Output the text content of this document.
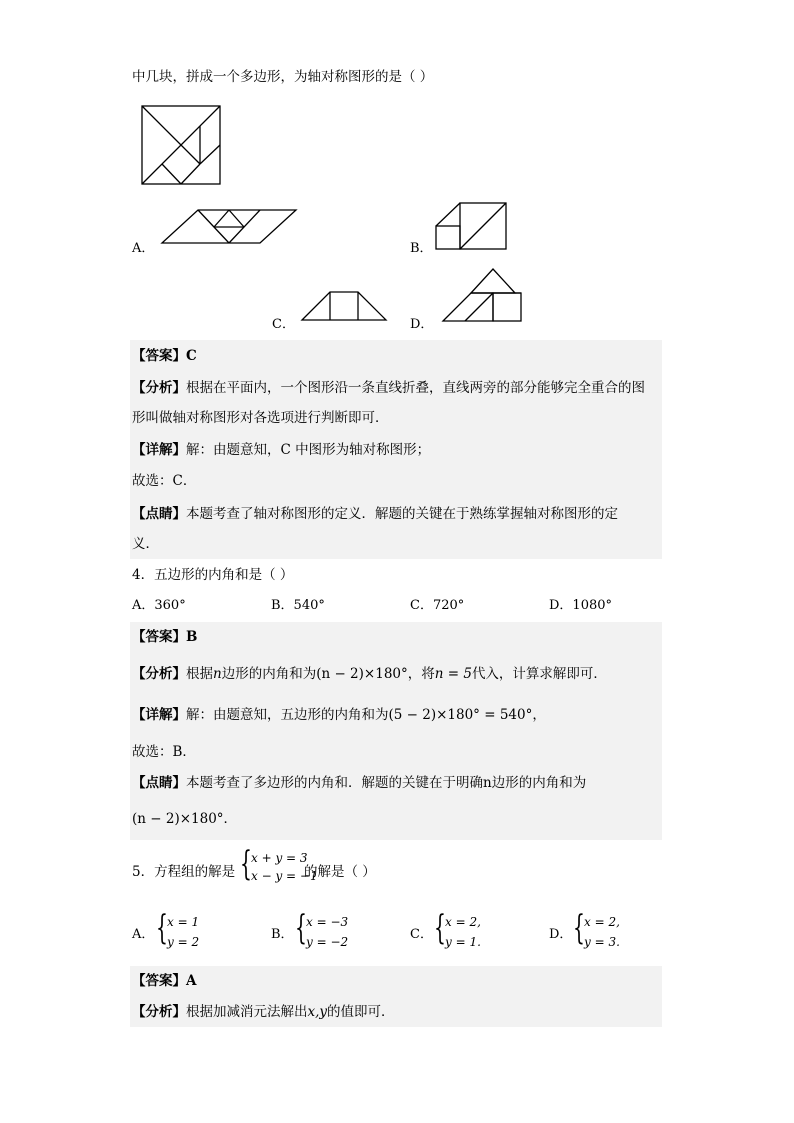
中几块，拼成一个多边形，为轴对称图形的是（ ）
A．	B．
C．	D．
【答案】C
【分析】根据在平面内，一个图形沿一条直线折叠，直线两旁的部分能够完全重合的图
形叫做轴对称图形对各选项进行判断即可．
【详解】解：由题意知，C 中图形为轴对称图形；
故选：C．
【点睛】本题考查了轴对称图形的定义．解题的关键在于熟练掌握轴对称图形的定
义．
4．五边形的内角和是（ ）
A．360°	B．540°	C．720°	D．1080°
【答案】B
【分析】根据n边形的内角和为(n − 2)×180°，将n = 5代入，计算求解即可．
【详解】解：由题意知，五边形的内角和为(5 − 2)×180° = 540°，
故选：B．
【点睛】本题考查了多边形的内角和．解题的关键在于明确n边形的内角和为
(n − 2)×180°．
5．方程组的解是 { x + y = 3
x − y = −1
的解是（ ）
A． { x = 1
y = 2	B． { x = −3
y = −2	C． { x = 2,
y = 1.	D． { x = 2,
y = 3.
【答案】A
【分析】根据加减消元法解出x,y的值即可．
